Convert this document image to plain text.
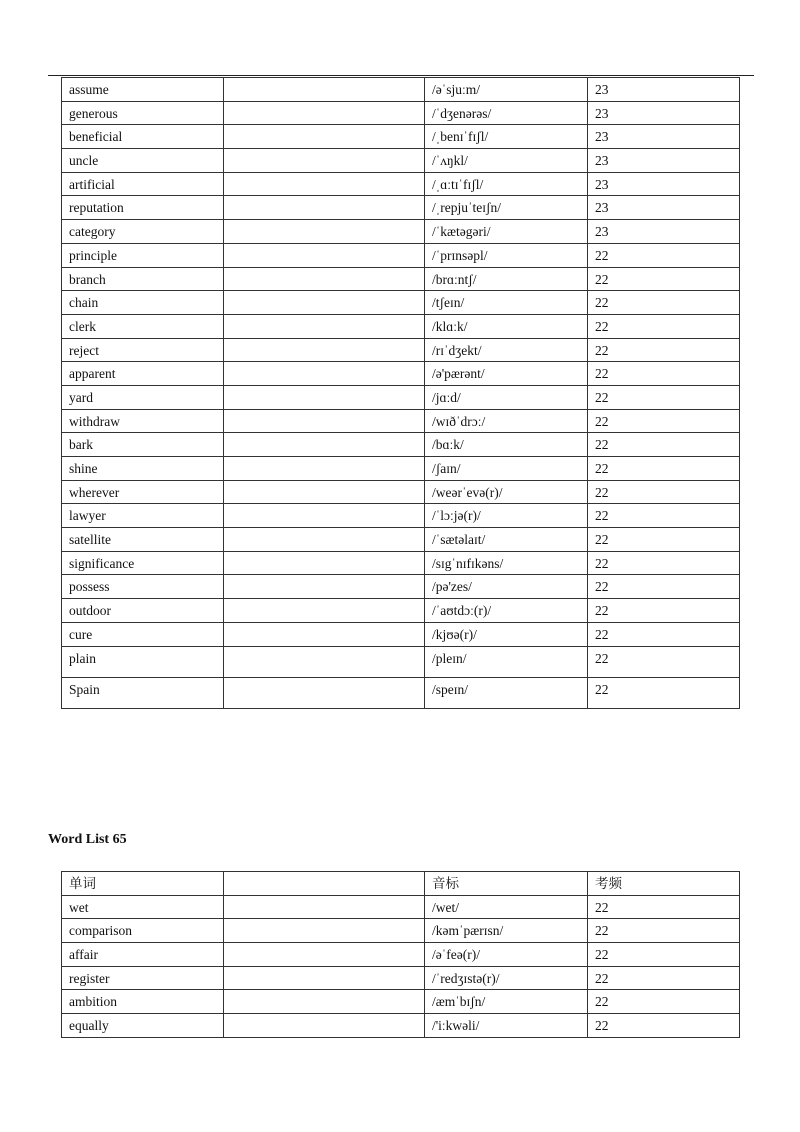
assume		/əˈsjuːm/	23
generous		/ˈdʒenərəs/	23
beneficial		/ˌbenɪˈfɪʃl/	23
uncle		/ˈʌŋkl/	23
artificial		/ˌɑːtɪˈfɪʃl/	23
reputation		/ˌrepjuˈteɪʃn/	23
category		/ˈkætəgəri/	23
principle		/ˈprɪnsəpl/	22
branch		/brɑːntʃ/	22
chain		/tʃeɪn/	22
clerk		/klɑːk/	22
reject		/rɪˈdʒekt/	22
apparent		/ə'pærənt/	22
yard		/jɑːd/	22
withdraw		/wɪðˈdrɔː/	22
bark		/bɑːk/	22
shine		/ʃaɪn/	22
wherever		/weərˈevə(r)/	22
lawyer		/ˈlɔːjə(r)/	22
satellite		/ˈsætəlaɪt/	22
significance		/sɪgˈnɪfɪkəns/	22
possess		/pə'zes/	22
outdoor		/ˈaʊtdɔː(r)/	22
cure		/kjʊə(r)/	22
plain		/pleɪn/	22
Spain		/speɪn/	22
Word List 65
单词		音标	考频
wet		/wet/	22
comparison		/kəmˈpærɪsn/	22
affair		/əˈfeə(r)/	22
register		/ˈredʒɪstə(r)/	22
ambition		/æmˈbɪʃn/	22
equally		/'iːkwəli/	22
